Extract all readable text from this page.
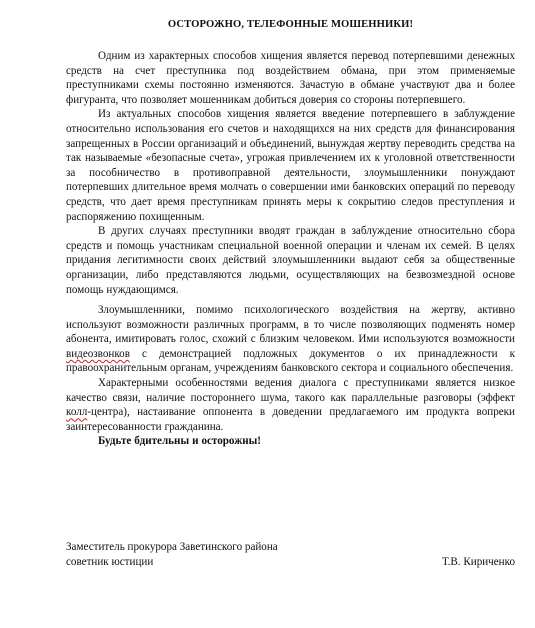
ОСТОРОЖНО, ТЕЛЕФОННЫЕ МОШЕННИКИ!

Одним из характерных способов хищения является перевод потерпевшими денежных средств на счет преступника под воздействием обмана, при этом применяемые преступниками схемы постоянно изменяются. Зачастую в обмане участвуют два и более фигуранта, что позволяет мошенникам добиться доверия со стороны потерпевшего.

Из актуальных способов хищения является введение потерпевшего в заблуждение относительно использования его счетов и находящихся на них средств для финансирования запрещенных в России организаций и объединений, вынуждая жертву переводить средства на так называемые «безопасные счета», угрожая привлечением их к уголовной ответственности за пособничество в противоправной деятельности, злоумышленники понуждают потерпевших длительное время молчать о совершении ими банковских операций по переводу средств, что дает время преступникам принять меры к сокрытию следов преступления и распоряжению похищенным.

В других случаях преступники вводят граждан в заблуждение относительно сбора средств и помощь участникам специальной военной операции и членам их семей. В целях придания легитимности своих действий злоумышленники выдают себя за общественные организации, либо представляются людьми, осуществляющих на безвозмездной основе помощь нуждающимся.

Злоумышленники, помимо психологического воздействия на жертву, активно используют возможности различных программ, в то числе позволяющих подменять номер абонента, имитировать голос, схожий с близким человеком. Ими используются возможности видеозвонков с демонстрацией подложных документов о их принадлежности к правоохранительным органам, учреждениям банковского сектора и социального обеспечения.

Характерными особенностями ведения диалога с преступниками является низкое качество связи, наличие постороннего шума, такого как параллельные разговоры (эффект колл-центра), настаивание оппонента в доведении предлагаемого им продукта вопреки заинтересованности гражданина.

Будьте бдительны и осторожны!

Заместитель прокурора Заветинского района
советник юстиции	Т.В. Кириченко
